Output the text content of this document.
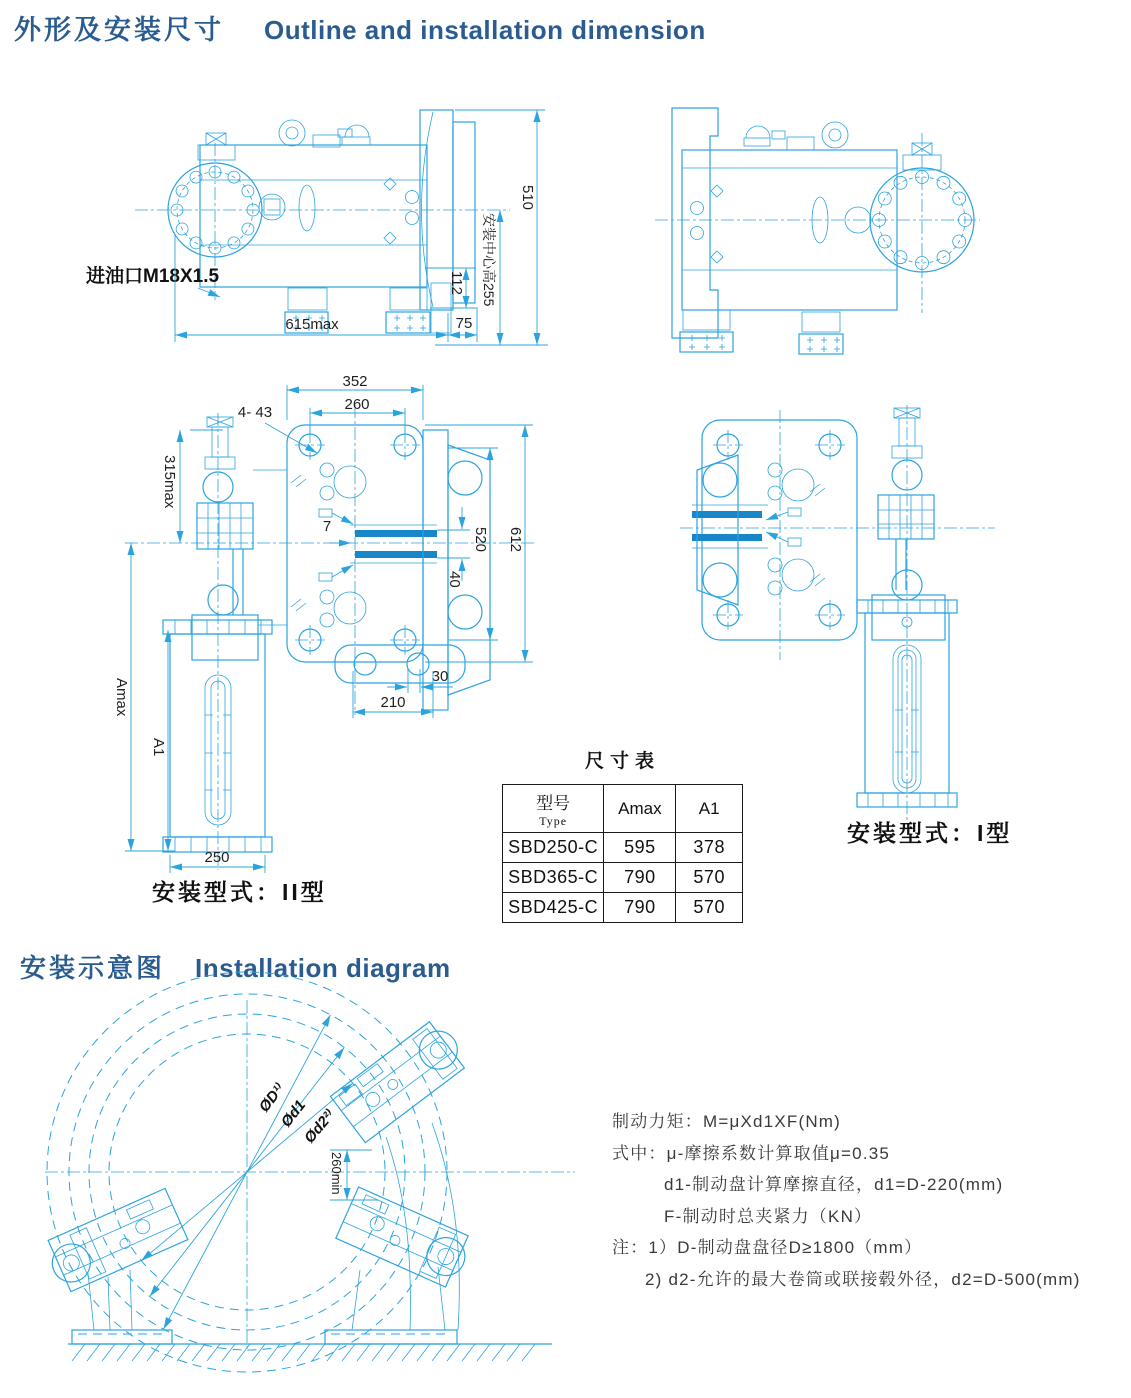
外形及安装尺寸 Outline and installation dimension
进油口M18X1.5
615max	75
112 安装中心高255
510
352
260
4- 43
315max
Amax
A1
250
7
40
520 612
30
210
安装型式：II型
安装型式：I型
尺寸表
型号
Type	Amax	A1
SBD250-C	595	378
SBD365-C	790	570
SBD425-C	790	570
安装示意图 Installation diagram
ØD¹⁾
Ød1
Ød2²⁾
260min
制动力矩：M=μXd1XF(Nm)
式中：μ-摩擦系数计算取值μ=0.35
d1-制动盘计算摩擦直径，d1=D-220(mm)
F-制动时总夹紧力（KN）
注：1）D-制动盘盘径D≥1800（mm）
2) d2-允许的最大卷筒或联接毂外径，d2=D-500(mm)
